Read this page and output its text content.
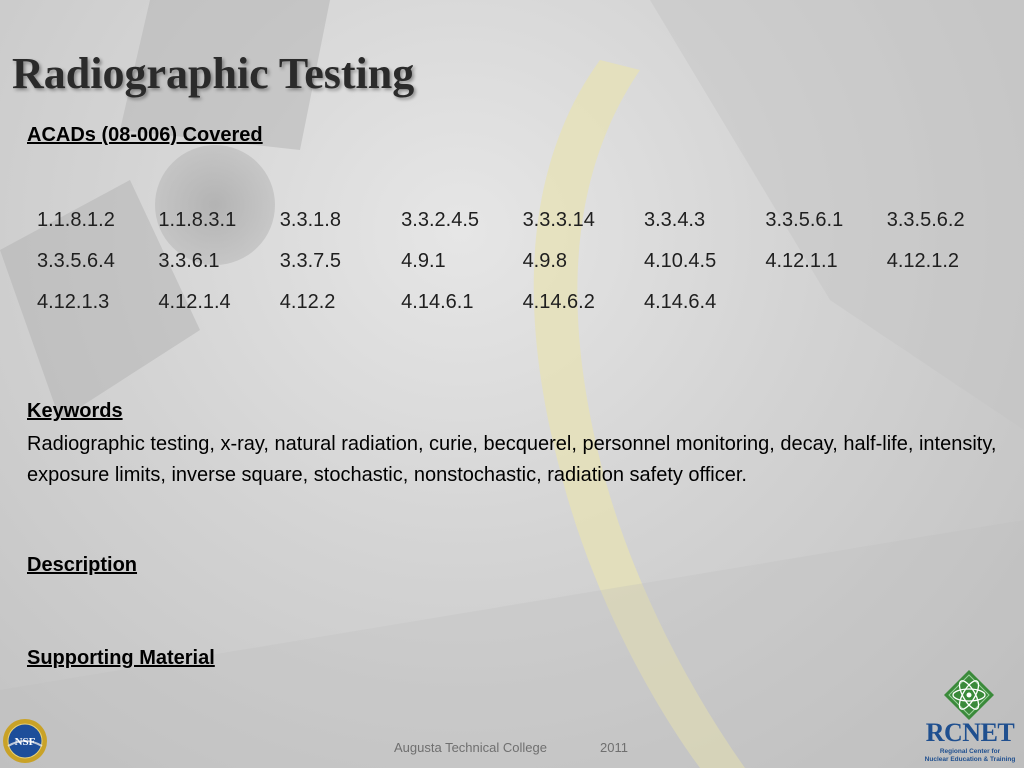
Radiographic Testing
ACADs (08-006) Covered
1.1.8.1.2	1.1.8.3.1	3.3.1.8	3.3.2.4.5	3.3.3.14	3.3.4.3	3.3.5.6.1	3.3.5.6.2
3.3.5.6.4	3.3.6.1	3.3.7.5	4.9.1	4.9.8	4.10.4.5	4.12.1.1	4.12.1.2
4.12.1.3	4.12.1.4	4.12.2	4.14.6.1	4.14.6.2	4.14.6.4		
Keywords

Radiographic testing, x-ray, natural radiation, curie, becquerel, personnel monitoring, decay, half-life, intensity, exposure limits, inverse square, stochastic, nonstochastic, radiation safety officer.

Description
Supporting Material
NSF	Augusta Technical College	2011
RCNET
Regional Center for
Nuclear Education & Training
